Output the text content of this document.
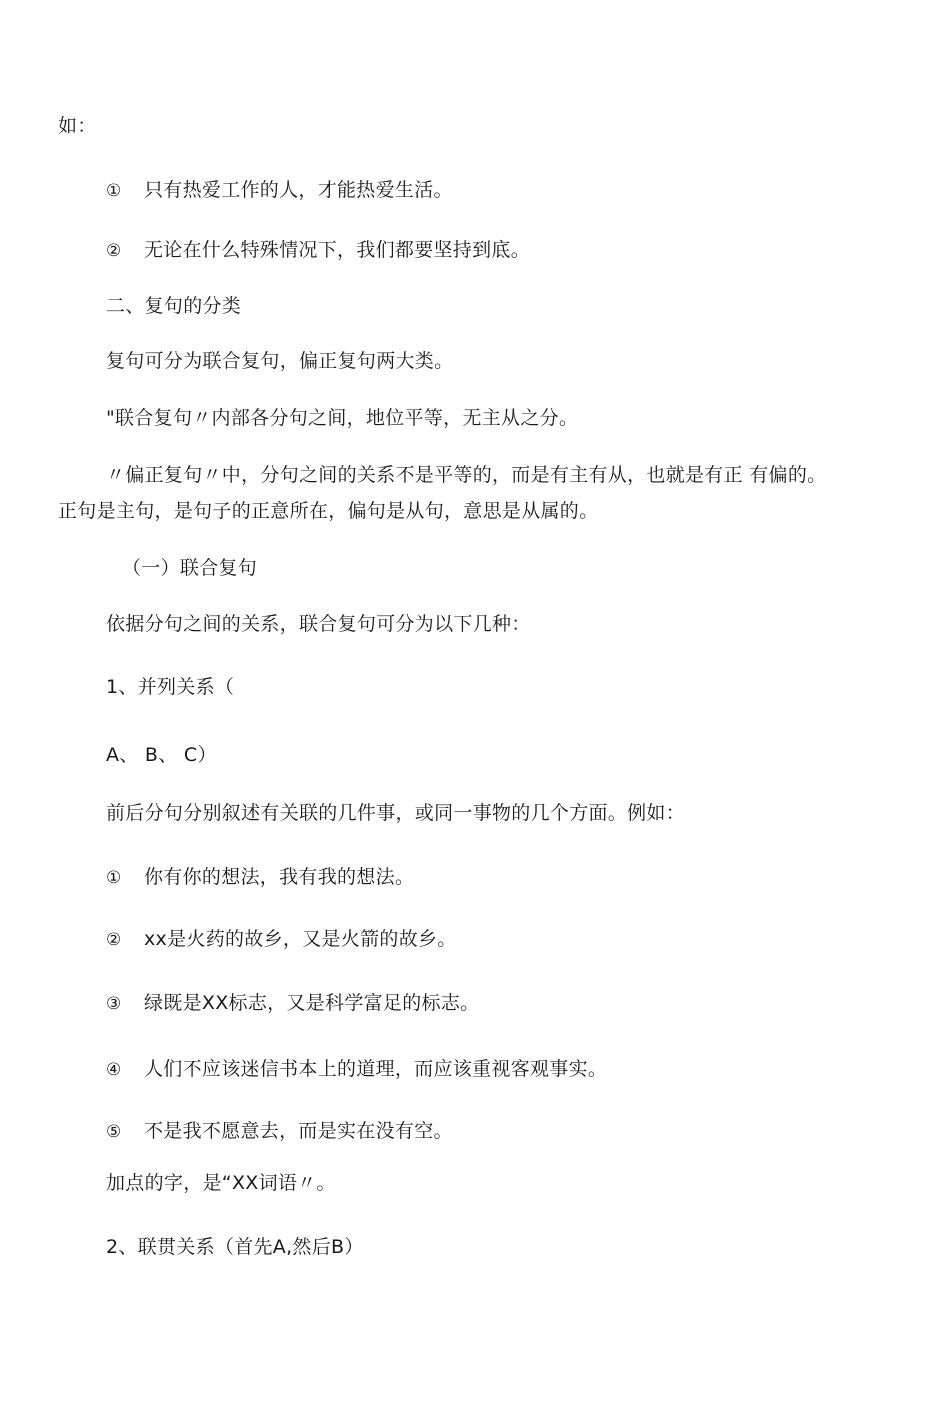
如：
① 只有热爱工作的人，才能热爱生活。
② 无论在什么特殊情况下，我们都要坚持到底。
二、复句的分类
复句可分为联合复句，偏正复句两大类。
"联合复句〃内部各分句之间，地位平等，无主从之分。
〃偏正复句〃中，分句之间的关系不是平等的，而是有主有从，也就是有正 有偏的。
正句是主句，是句子的正意所在，偏句是从句，意思是从属的。
（一）联合复句
依据分句之间的关系，联合复句可分为以下几种：
1、并列关系（
A、 B、 C）
前后分句分别叙述有关联的几件事，或同一事物的几个方面。例如：
① 你有你的想法，我有我的想法。
② xx是火药的故乡，又是火箭的故乡。
③ 绿既是XX标志，又是科学富足的标志。
④ 人们不应该迷信书本上的道理，而应该重视客观事实。
⑤ 不是我不愿意去，而是实在没有空。
加点的字，是“XX词语〃。
2、联贯关系（首先A,然后B）
